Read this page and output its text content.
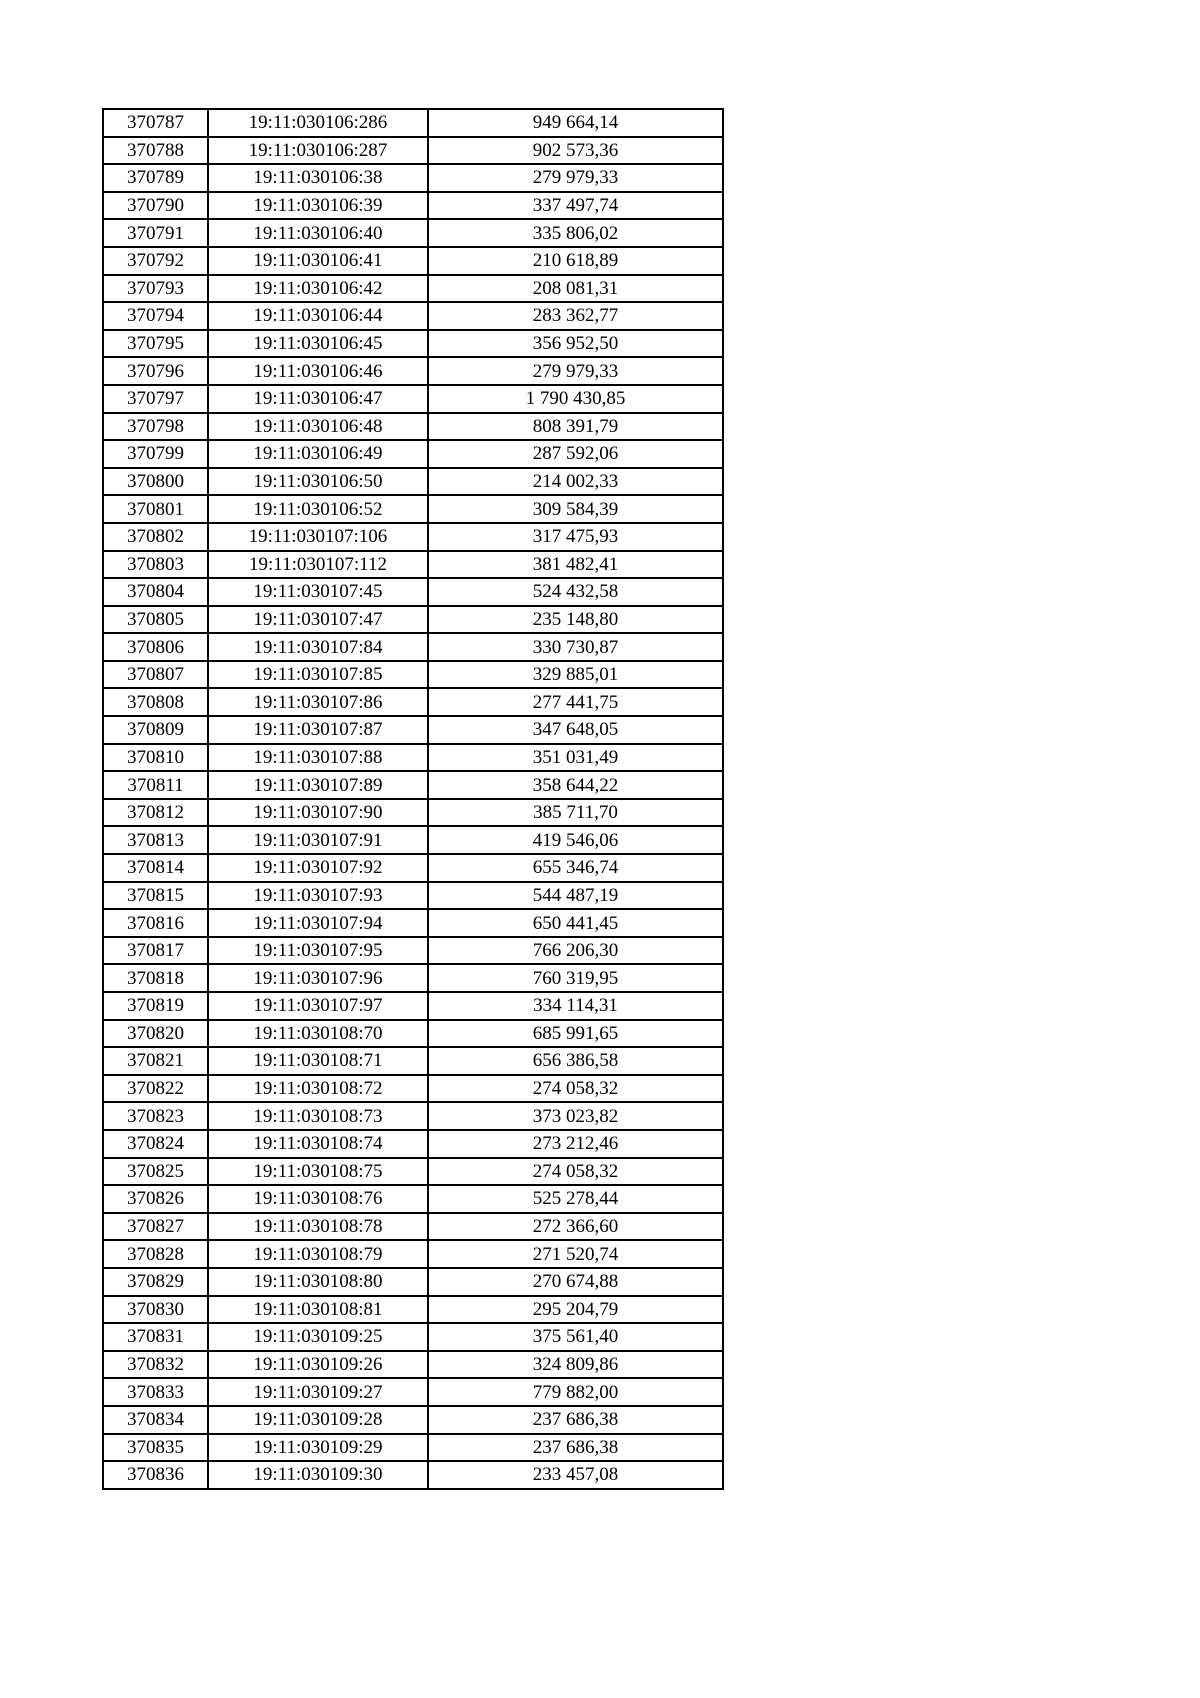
370787	19:11:030106:286	949 664,14
370788	19:11:030106:287	902 573,36
370789	19:11:030106:38	279 979,33
370790	19:11:030106:39	337 497,74
370791	19:11:030106:40	335 806,02
370792	19:11:030106:41	210 618,89
370793	19:11:030106:42	208 081,31
370794	19:11:030106:44	283 362,77
370795	19:11:030106:45	356 952,50
370796	19:11:030106:46	279 979,33
370797	19:11:030106:47	1 790 430,85
370798	19:11:030106:48	808 391,79
370799	19:11:030106:49	287 592,06
370800	19:11:030106:50	214 002,33
370801	19:11:030106:52	309 584,39
370802	19:11:030107:106	317 475,93
370803	19:11:030107:112	381 482,41
370804	19:11:030107:45	524 432,58
370805	19:11:030107:47	235 148,80
370806	19:11:030107:84	330 730,87
370807	19:11:030107:85	329 885,01
370808	19:11:030107:86	277 441,75
370809	19:11:030107:87	347 648,05
370810	19:11:030107:88	351 031,49
370811	19:11:030107:89	358 644,22
370812	19:11:030107:90	385 711,70
370813	19:11:030107:91	419 546,06
370814	19:11:030107:92	655 346,74
370815	19:11:030107:93	544 487,19
370816	19:11:030107:94	650 441,45
370817	19:11:030107:95	766 206,30
370818	19:11:030107:96	760 319,95
370819	19:11:030107:97	334 114,31
370820	19:11:030108:70	685 991,65
370821	19:11:030108:71	656 386,58
370822	19:11:030108:72	274 058,32
370823	19:11:030108:73	373 023,82
370824	19:11:030108:74	273 212,46
370825	19:11:030108:75	274 058,32
370826	19:11:030108:76	525 278,44
370827	19:11:030108:78	272 366,60
370828	19:11:030108:79	271 520,74
370829	19:11:030108:80	270 674,88
370830	19:11:030108:81	295 204,79
370831	19:11:030109:25	375 561,40
370832	19:11:030109:26	324 809,86
370833	19:11:030109:27	779 882,00
370834	19:11:030109:28	237 686,38
370835	19:11:030109:29	237 686,38
370836	19:11:030109:30	233 457,08
